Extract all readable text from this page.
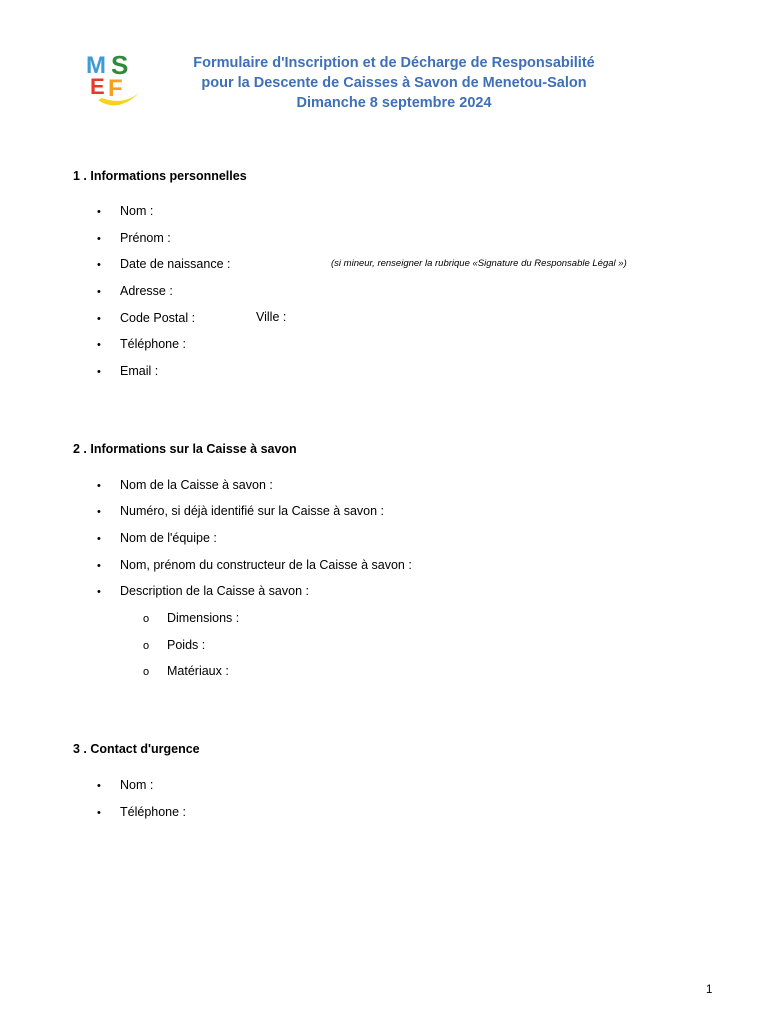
M S
E F
Formulaire d'Inscription et de Décharge de Responsabilité
pour la Descente de Caisses à Savon de Menetou-Salon
Dimanche 8 septembre 2024
1 . Informations personnelles
• Nom :
• Prénom :
• Date de naissance :	(si mineur, renseigner la rubrique «Signature du Responsable Légal »)
• Adresse :
• Code Postal :	Ville :
• Téléphone :
• Email :
2 . Informations sur la Caisse à savon
• Nom de la Caisse à savon :
• Numéro, si déjà identifié sur la Caisse à savon :
• Nom de l'équipe :
• Nom, prénom du constructeur de la Caisse à savon :
• Description de la Caisse à savon :
o Dimensions :
o Poids :
o Matériaux :
3 . Contact d'urgence
• Nom :
• Téléphone :
1
